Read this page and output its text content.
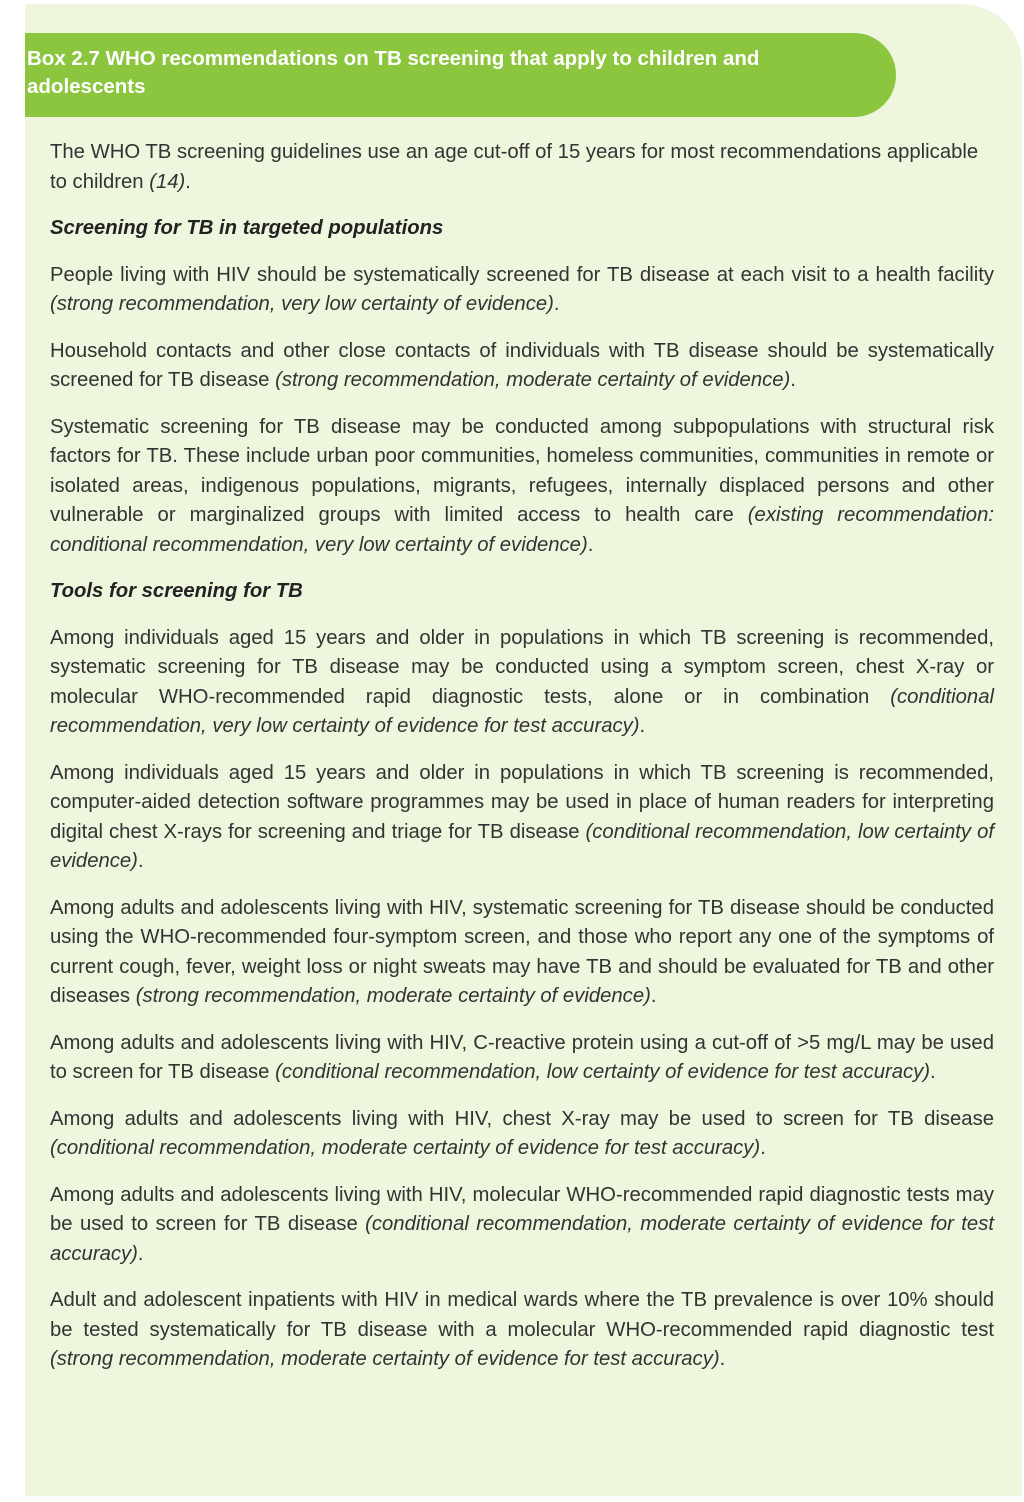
Box 2.7 WHO recommendations on TB screening that apply to children and adolescents

The WHO TB screening guidelines use an age cut-off of 15 years for most recommendations applicable to children (14).

Screening for TB in targeted populations

People living with HIV should be systematically screened for TB disease at each visit to a health facility (strong recommendation, very low certainty of evidence).

Household contacts and other close contacts of individuals with TB disease should be systematically screened for TB disease (strong recommendation, moderate certainty of evidence).

Systematic screening for TB disease may be conducted among subpopulations with structural risk factors for TB. These include urban poor communities, homeless communities, communities in remote or isolated areas, indigenous populations, migrants, refugees, internally displaced persons and other vulnerable or marginalized groups with limited access to health care (existing recommendation: conditional recommendation, very low certainty of evidence).

Tools for screening for TB

Among individuals aged 15 years and older in populations in which TB screening is recommended, systematic screening for TB disease may be conducted using a symptom screen, chest X-ray or molecular WHO-recommended rapid diagnostic tests, alone or in combination (conditional recommendation, very low certainty of evidence for test accuracy).

Among individuals aged 15 years and older in populations in which TB screening is recommended, computer-aided detection software programmes may be used in place of human readers for interpreting digital chest X-rays for screening and triage for TB disease (conditional recommendation, low certainty of evidence).

Among adults and adolescents living with HIV, systematic screening for TB disease should be conducted using the WHO-recommended four-symptom screen, and those who report any one of the symptoms of current cough, fever, weight loss or night sweats may have TB and should be evaluated for TB and other diseases (strong recommendation, moderate certainty of evidence).

Among adults and adolescents living with HIV, C-reactive protein using a cut-off of >5 mg/L may be used to screen for TB disease (conditional recommendation, low certainty of evidence for test accuracy).

Among adults and adolescents living with HIV, chest X-ray may be used to screen for TB disease (conditional recommendation, moderate certainty of evidence for test accuracy).

Among adults and adolescents living with HIV, molecular WHO-recommended rapid diagnostic tests may be used to screen for TB disease (conditional recommendation, moderate certainty of evidence for test accuracy).

Adult and adolescent inpatients with HIV in medical wards where the TB prevalence is over 10% should be tested systematically for TB disease with a molecular WHO-recommended rapid diagnostic test (strong recommendation, moderate certainty of evidence for test accuracy).
